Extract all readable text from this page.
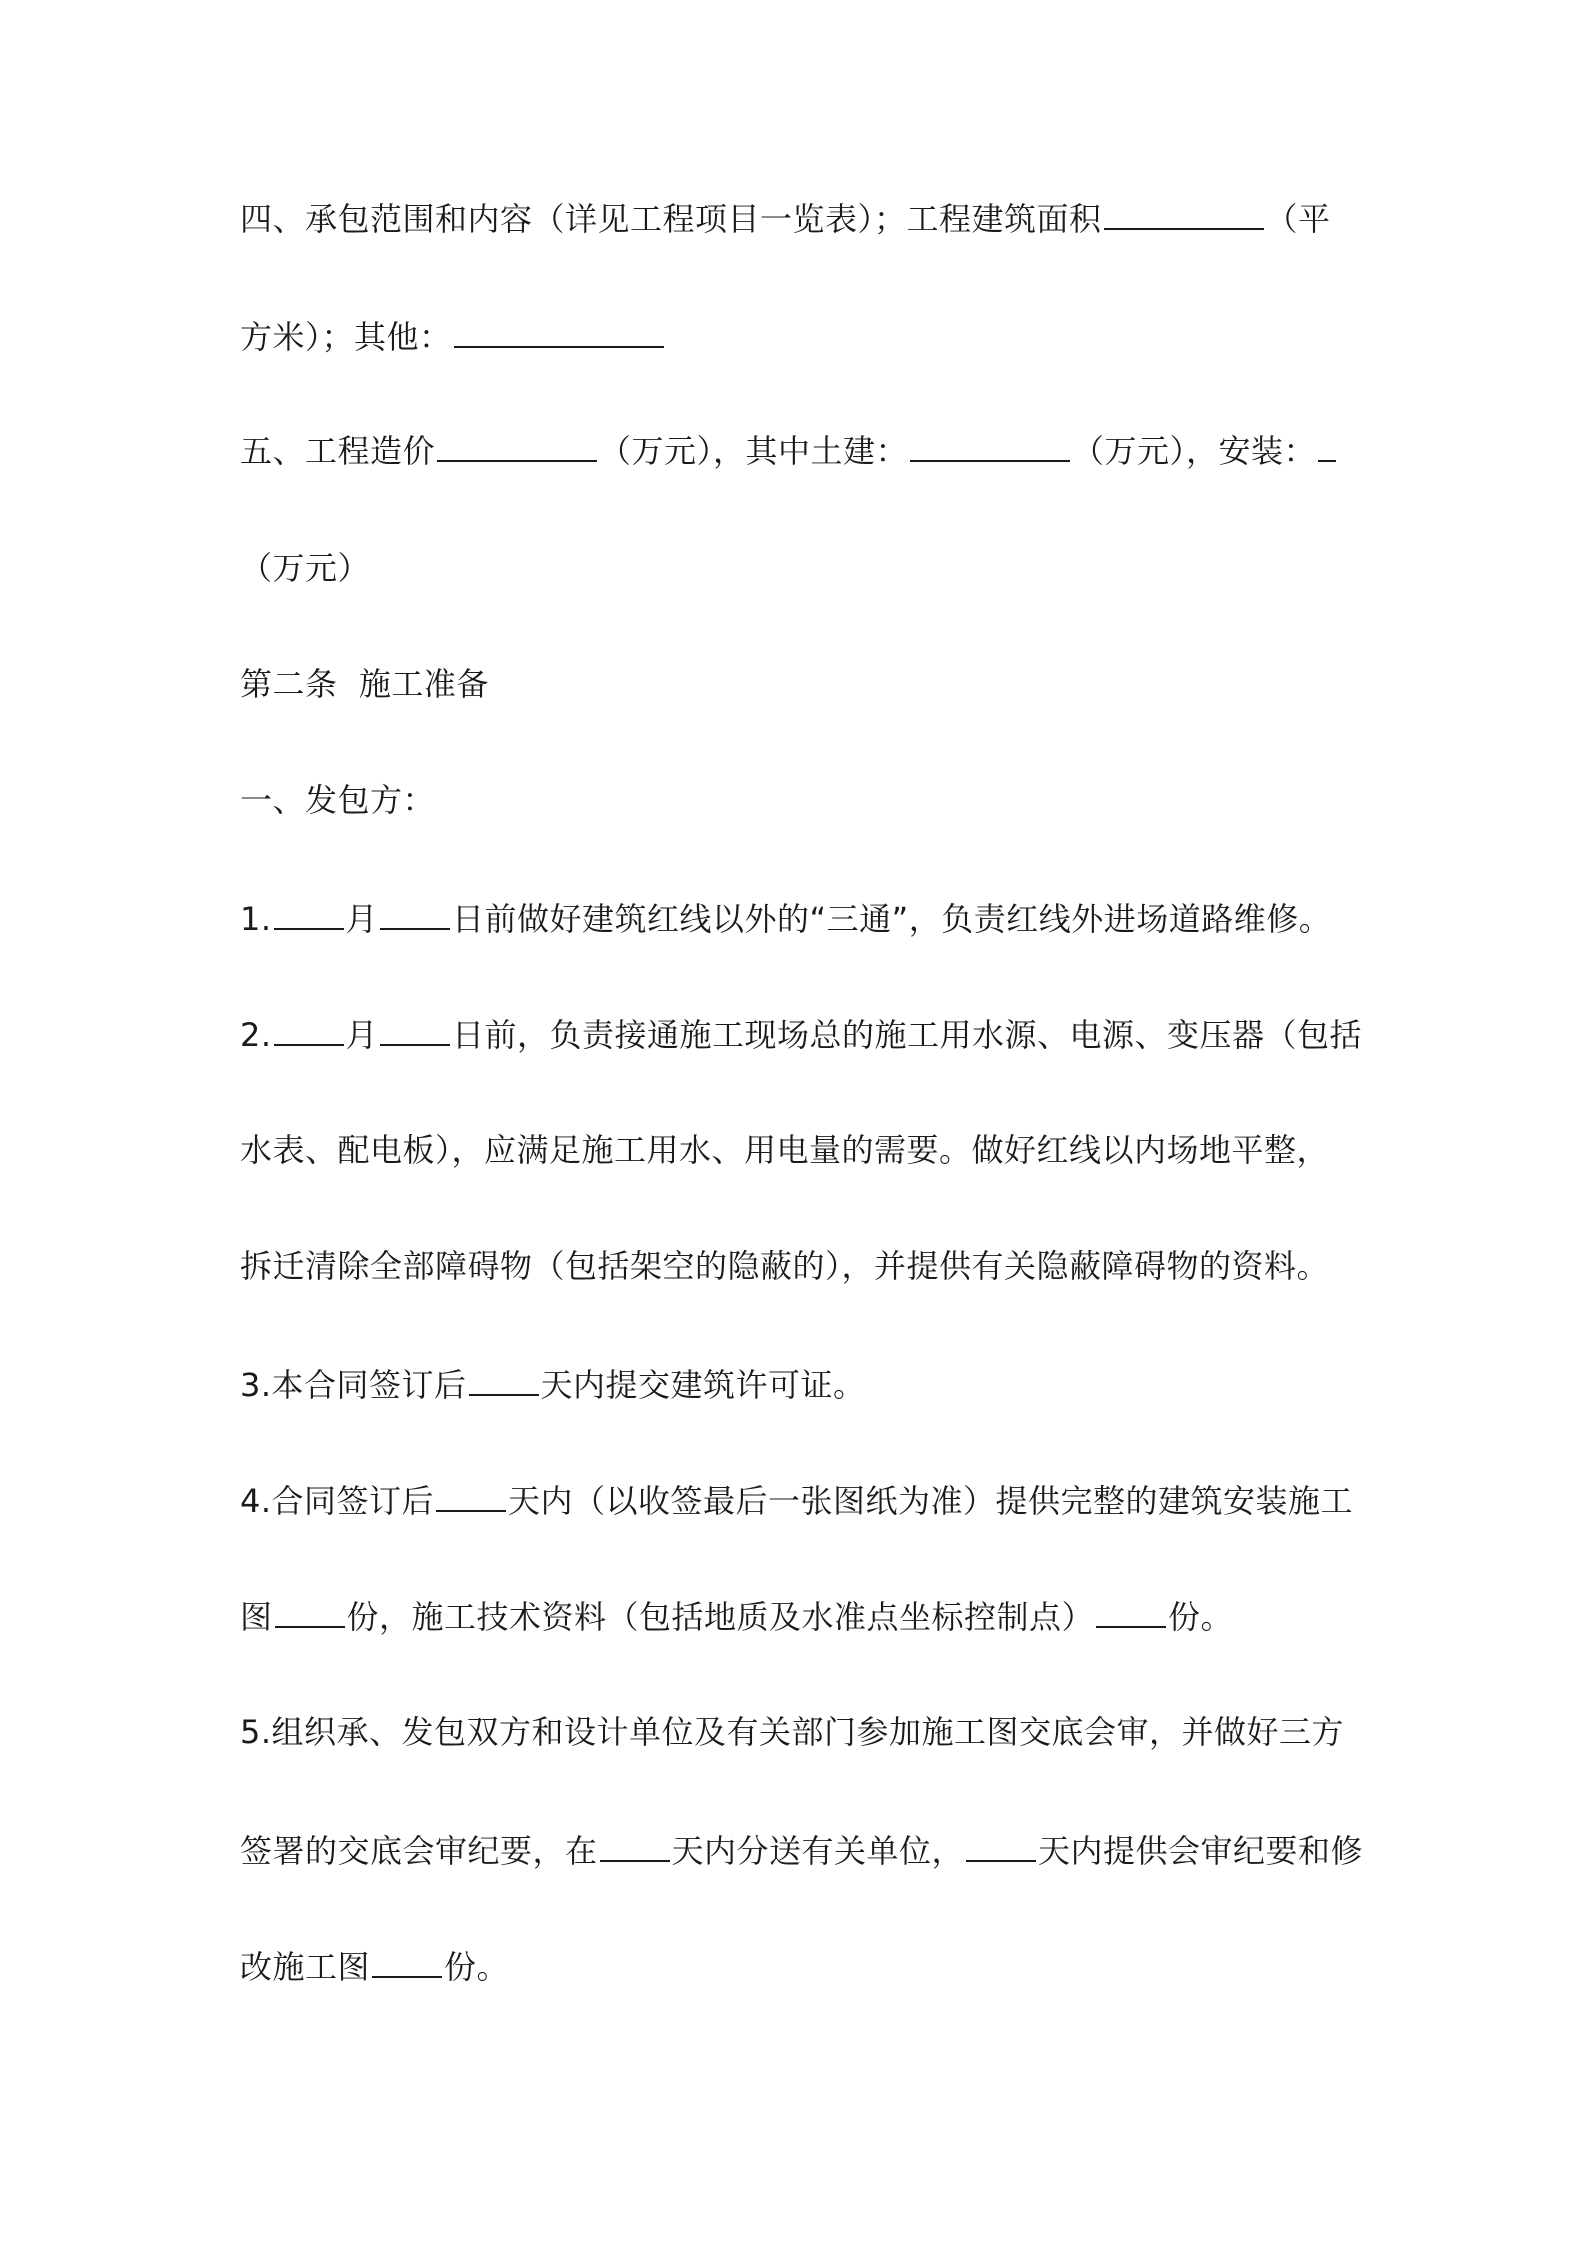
四、承包范围和内容（详见工程项目一览表）；工程建筑面积	（平
方米）；其他：
五、工程造价	（万元），其中土建：	（万元），安装：
（万元）
第二条  施工准备
一、发包方：
1. 月 日前做好建筑红线以外的“三通”，负责红线外进场道路维修。
2. 月 日前，负责接通施工现场总的施工用水源、电源、变压器（包括
水表、配电板），应满足施工用水、用电量的需要。做好红线以内场地平整，
拆迁清除全部障碍物（包括架空的隐蔽的），并提供有关隐蔽障碍物的资料。
3.本合同签订后 天内提交建筑许可证。
4.合同签订后 天内（以收签最后一张图纸为准）提供完整的建筑安装施工
图 份，施工技术资料（包括地质及水准点坐标控制点） 份。
5.组织承、发包双方和设计单位及有关部门参加施工图交底会审，并做好三方
签署的交底会审纪要，在 天内分送有关单位， 天内提供会审纪要和修
改施工图 份。
